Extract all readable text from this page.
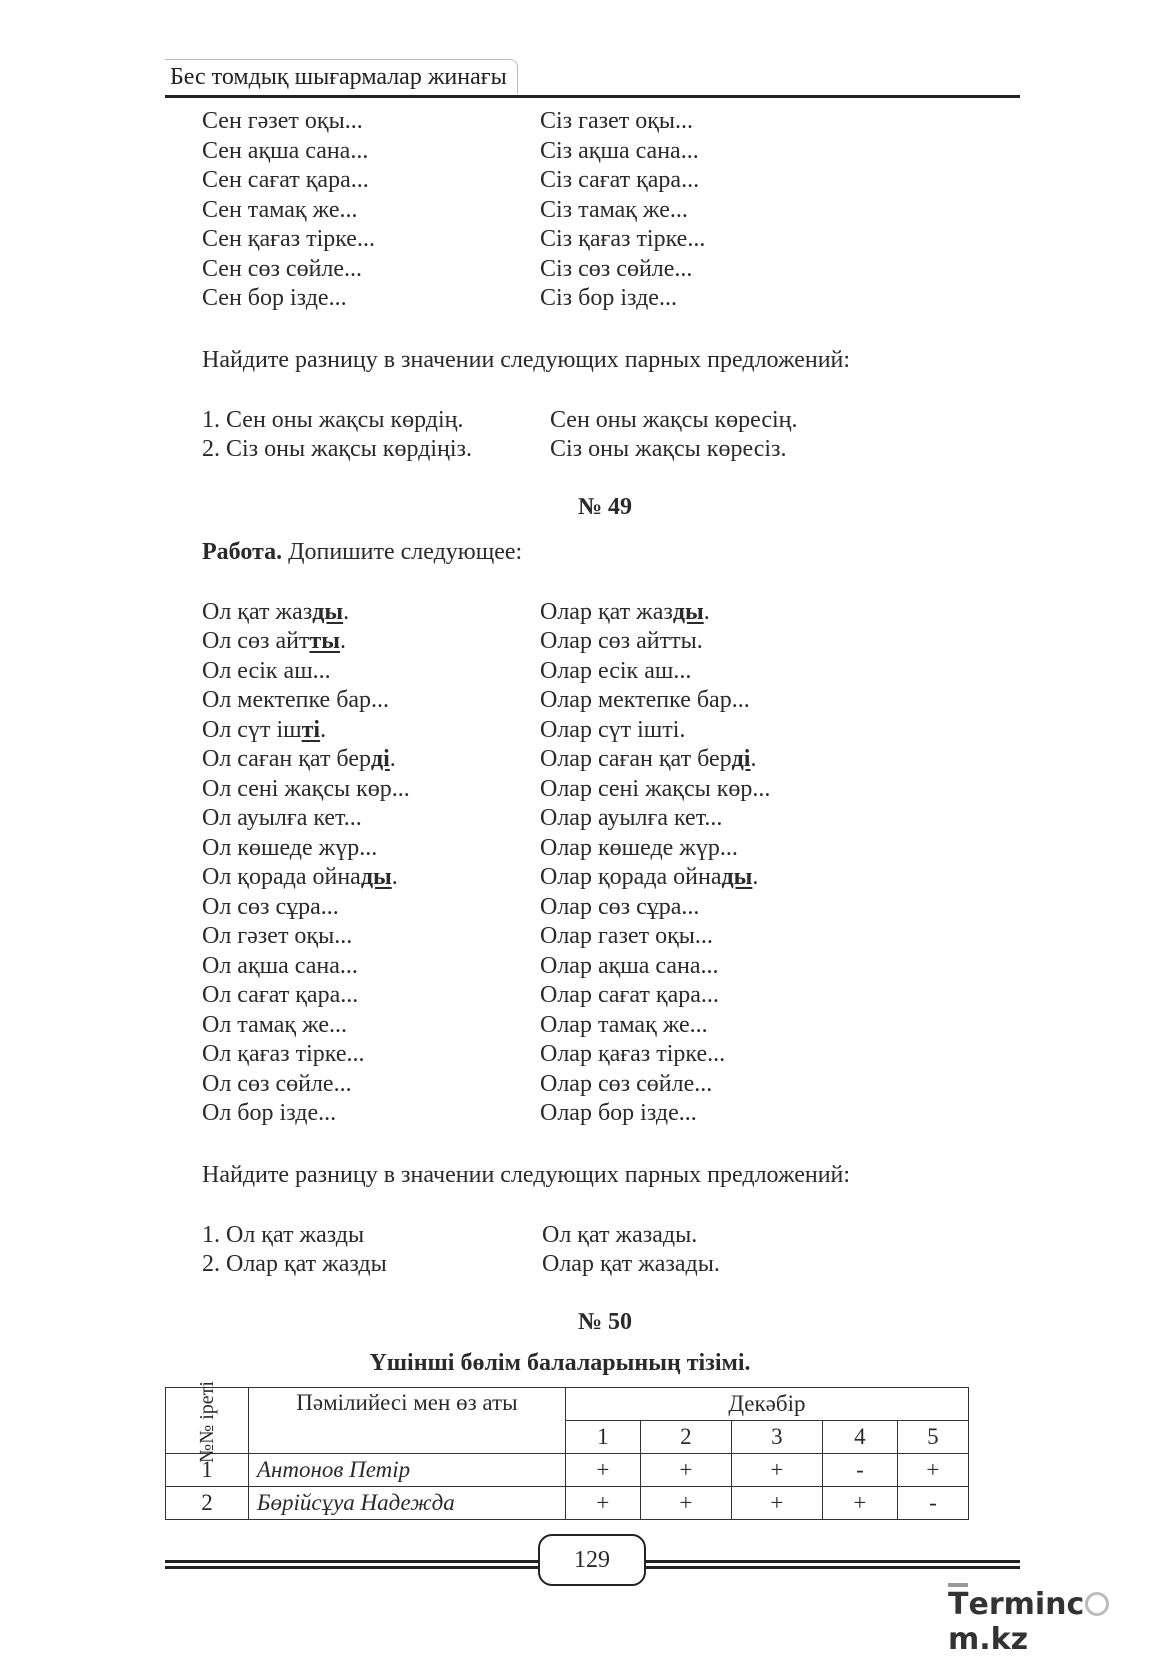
Бес томдық шығармалар жинағы
Сен гәзет оқы...	Сіз газет оқы...
Сен ақша сана...	Сіз ақша сана...
Сен сағат қара...	Сіз сағат қара...
Сен тамақ же...	Сіз тамақ же...
Сен қағаз тірке...	Сіз қағаз тірке...
Сен сөз сөйле...	Сіз сөз сөйле...
Сен бор ізде...	Сіз бор ізде...
Найдите разницу в значении следующих парных предложений:
1. Сен оны жақсы көрдің.	Сен оны жақсы көресің.
2. Сіз оны жақсы көрдіңіз.	Сіз оны жақсы көресіз.
№ 49
Работа. Допишите следующее:
Ол қат жазды.	Олар қат жазды.
Ол сөз айтты.	Олар сөз айтты.
Ол есік аш...	Олар есік аш...
Ол мектепке бар...	Олар мектепке бар...
Ол сүт ішті.	Олар сүт ішті.
Ол саған қат берді.	Олар саған қат берді.
Ол сені жақсы көр...	Олар сені жақсы көр...
Ол ауылға кет...	Олар ауылға кет...
Ол көшеде жүр...	Олар көшеде жүр...
Ол қорада ойнады.	Олар қорада ойнады.
Ол сөз сұра...	Олар сөз сұра...
Ол гәзет оқы...	Олар газет оқы...
Ол ақша сана...	Олар ақша сана...
Ол сағат қара...	Олар сағат қара...
Ол тамақ же...	Олар тамақ же...
Ол қағаз тірке...	Олар қағаз тірке...
Ол сөз сөйле...	Олар сөз сөйле...
Ол бор ізде...	Олар бор ізде...
Найдите разницу в значении следующих парных предложений:
1. Ол қат жазды	Ол қат жазады.
2. Олар қат жазды	Олар қат жазады.
№ 50
Үшінші бөлім балаларының тізімі.
№№ іреті	Пәмілийесі мен өз аты	Декәбір				
		1	2	3	4	5
1	Антонов Петір	+	+	+	-	+
2	Бөрійсұуа Надежда	+	+	+	+	-
129
Termincm.kz
